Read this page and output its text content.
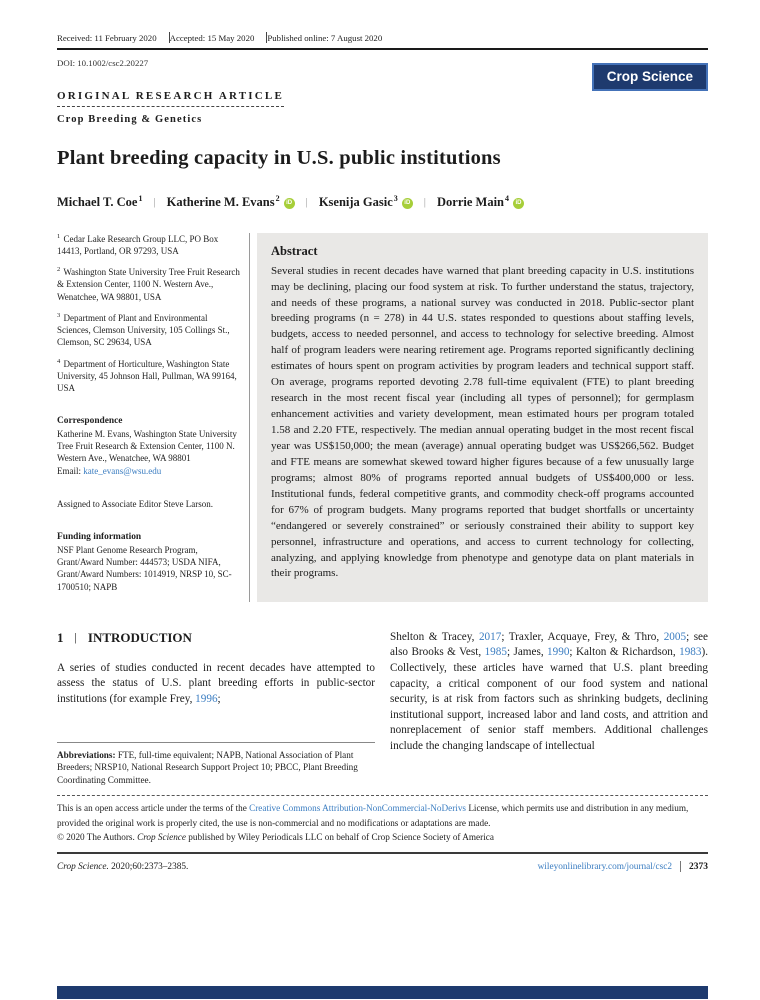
Received: 11 February 2020	Accepted: 15 May 2020	Published online: 7 August 2020
DOI: 10.1002/csc2.20227
Crop Science
ORIGINAL RESEARCH ARTICLE
Crop Breeding & Genetics
Plant breeding capacity in U.S. public institutions
Michael T. Coe$^1$	| Katherine M. Evans$^2$iD	| Ksenija Gasic$^3$iD	| Dorrie Main$^4$iD
$^1$ Cedar Lake Research Group LLC, PO Box 14413, Portland, OR 97293, USA
$^2$ Washington State University Tree Fruit Research & Extension Center, 1100 N. Western Ave., Wenatchee, WA 98801, USA
$^3$ Department of Plant and Environmental Sciences, Clemson University, 105 Collings St., Clemson, SC 29634, USA
$^4$ Department of Horticulture, Washington State University, 45 Johnson Hall, Pullman, WA 99164, USA
Correspondence
Katherine M. Evans, Washington State University Tree Fruit Research & Extension Center, 1100 N. Western Ave., Wenatchee, WA 98801
Email: kate_evans@wsu.edu
Assigned to Associate Editor Steve Larson.
Funding information
NSF Plant Genome Research Program, Grant/Award Number: 444573; USDA NIFA, Grant/Award Numbers: 1014919, NRSP 10, SC-1700510; NAPB
Abstract

Several studies in recent decades have warned that plant breeding capacity in U.S. institutions may be declining, placing our food system at risk. To further understand the status, trajectory, and needs of these programs, a national survey was conducted in 2018. Public-sector plant breeding programs (n = 278) in 44 U.S. states responded to questions about staffing levels, budgets, access to needed personnel, and access to technology for selective breeding. Almost half of program leaders were nearing retirement age. Programs reported significantly declining estimates of hours spent on program activities by program leaders and technical support staff. On average, programs reported devoting 2.78 full-time equivalent (FTE) to plant breeding research in the most recent fiscal year (including all types of personnel); for germplasm enhancement activities and variety development, mean estimated hours per program totaled 1.58 and 2.20 FTE, respectively. The median annual operating budget in the most recent fiscal year was US$150,000; the mean (average) annual operating budget was US$266,562. Budget and FTE means are somewhat skewed toward higher figures because of a few unusually large programs; almost 80% of programs reported annual budgets of US$400,000 or less. Institutional funds, federal competitive grants, and commodity check-off programs accounted for 67% of program budgets. Many programs reported that budget shortfalls or uncertainty “endangered or severely constrained” or seriously constrained their ability to support key personnel, infrastructure and operations, and access to current technology for collecting, analyzing, and applying knowledge from phenotype and genotype data on plant materials in their programs.

1 | INTRODUCTION

A series of studies conducted in recent decades have attempted to assess the status of U.S. plant breeding efforts in public-sector institutions (for example Frey, 1996;

Abbreviations: FTE, full-time equivalent; NAPB, National Association of Plant Breeders; NRSP10, National Research Support Project 10; PBCC, Plant Breeding Coordinating Committee.

Shelton & Tracey, 2017; Traxler, Acquaye, Frey, & Thro, 2005; see also Brooks & Vest, 1985; James, 1990; Kalton & Richardson, 1983). Collectively, these articles have warned that U.S. plant breeding capacity, a critical component of our food system and national security, is at risk from factors such as shrinking budgets, declining institutional support, increased labor and land costs, and attrition and nonreplacement of senior staff members. Additional challenges include the changing landscape of intellectual

This is an open access article under the terms of the Creative Commons Attribution-NonCommercial-NoDerivs License, which permits use and distribution in any medium, provided the original work is properly cited, the use is non-commercial and no modifications or adaptations are made.

© 2020 The Authors. Crop Science published by Wiley Periodicals LLC on behalf of Crop Science Society of America

Crop Science. 2020;60:2373–2385.	wileyonlinelibrary.com/journal/csc2 2373
